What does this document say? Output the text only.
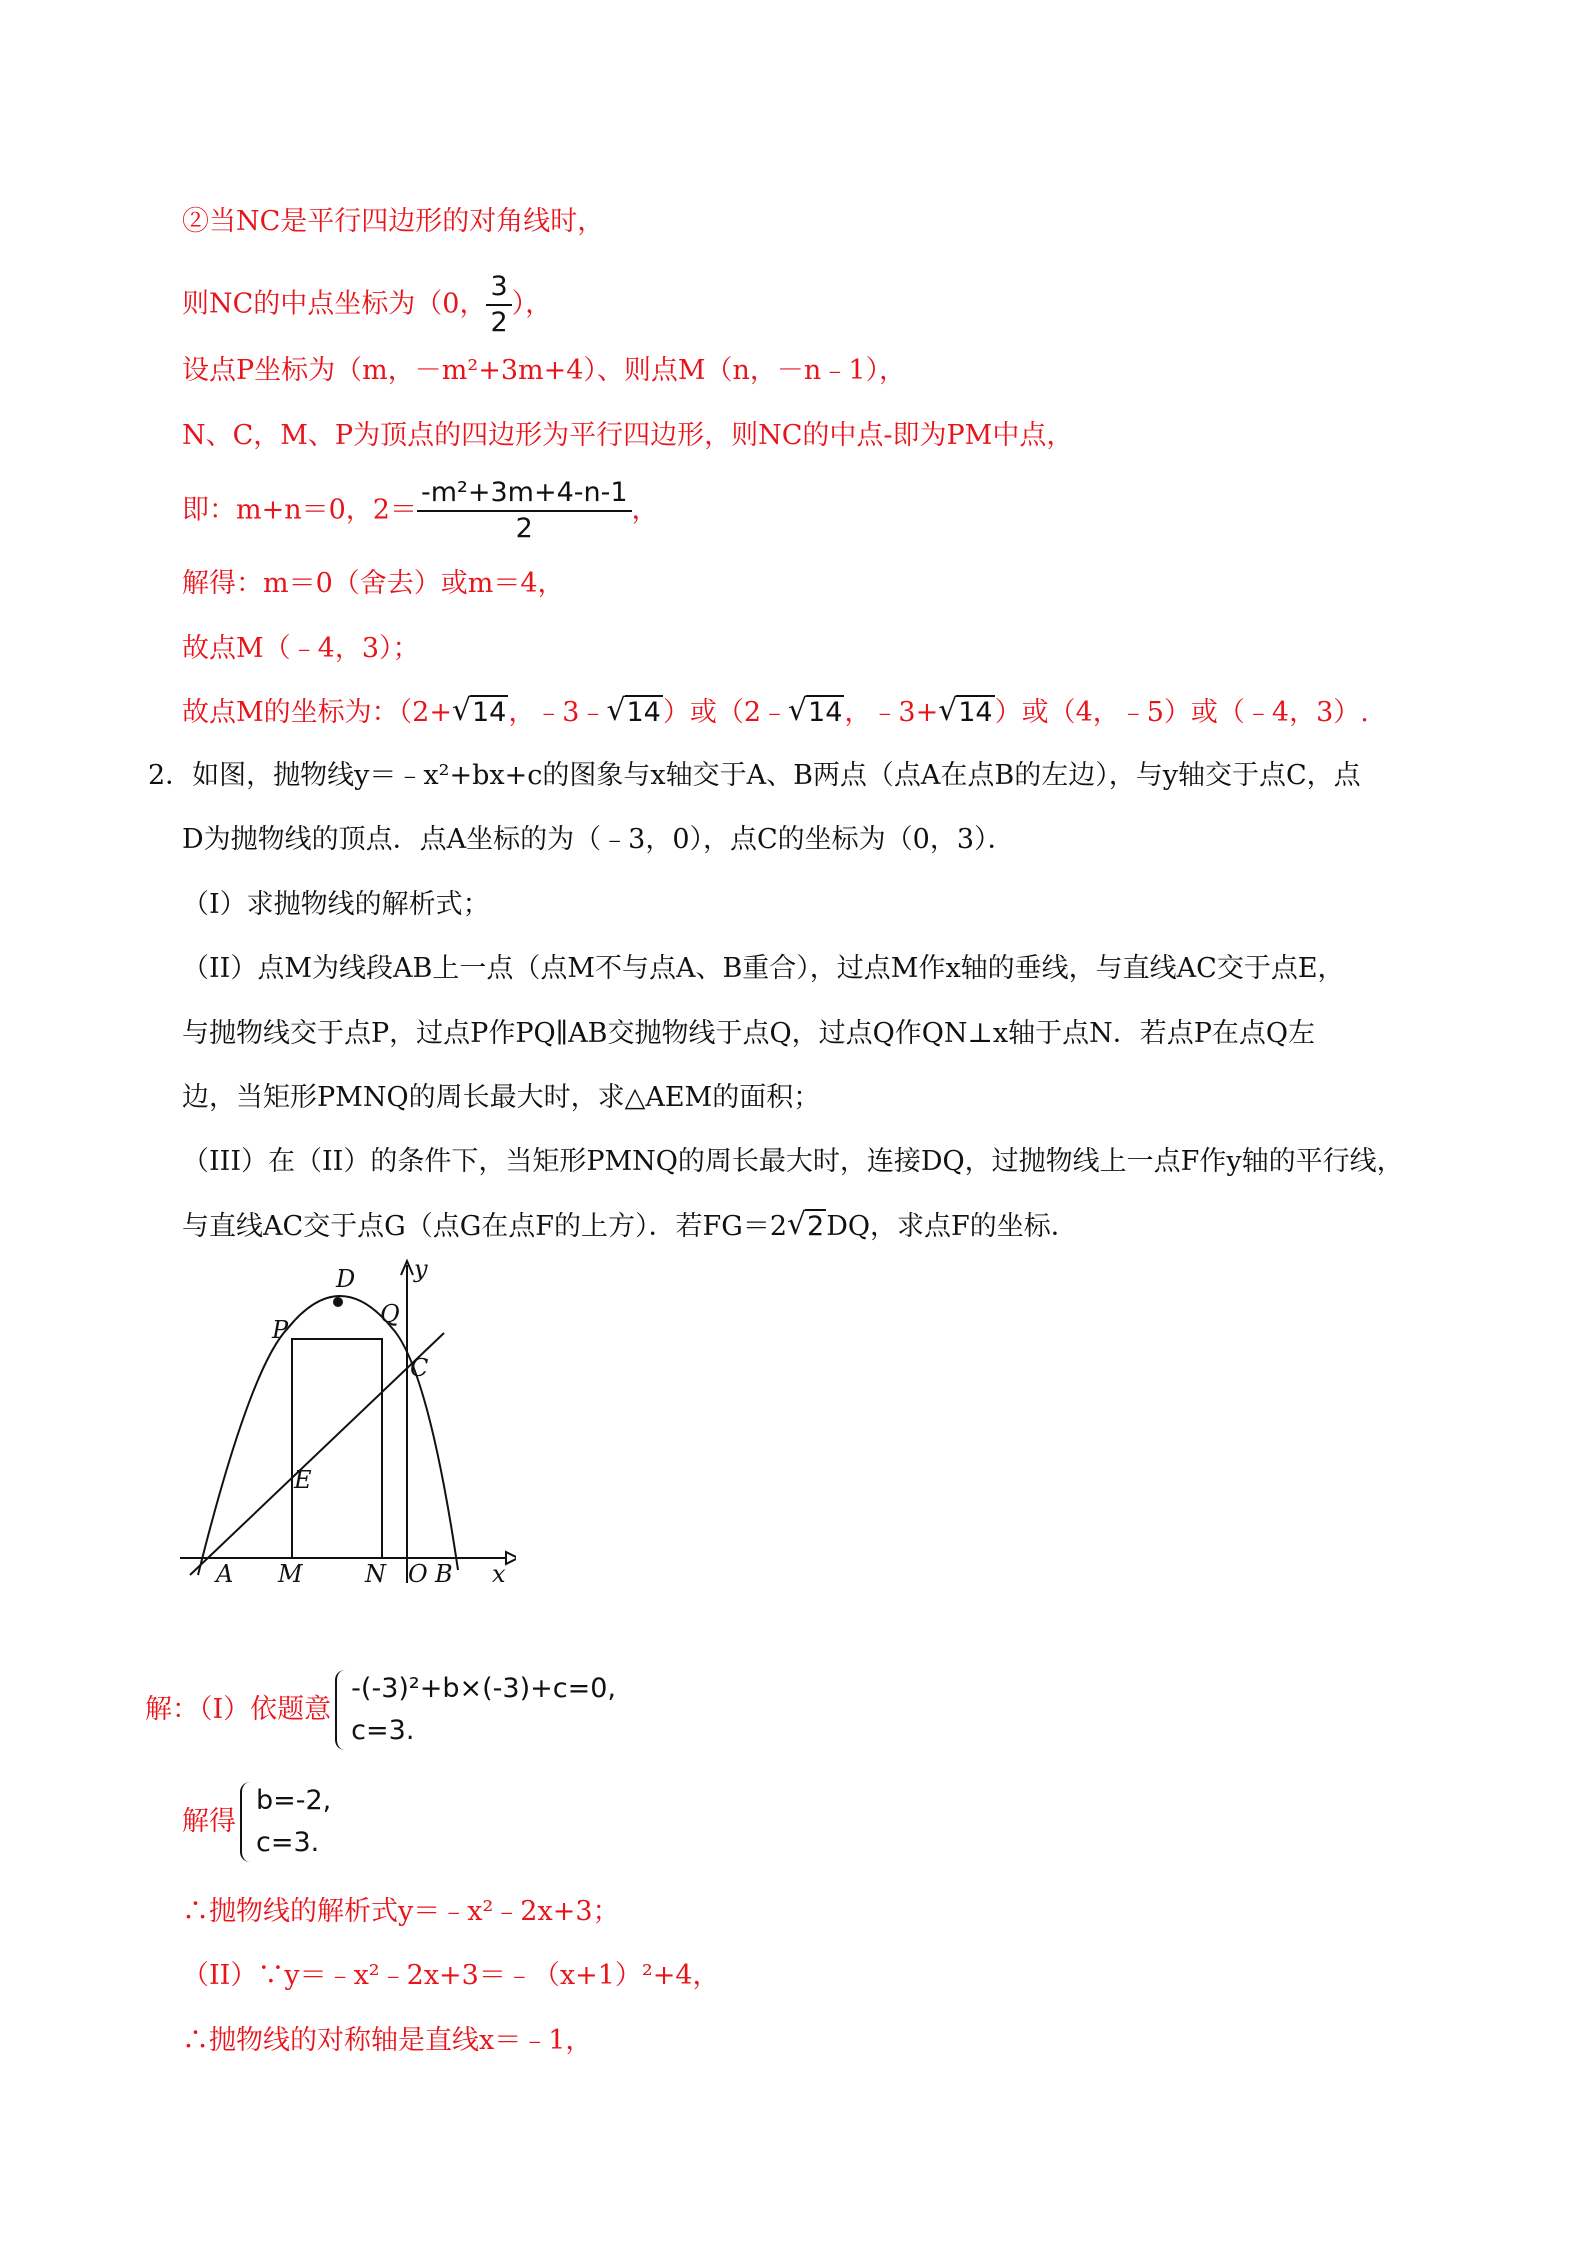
②当NC是平行四边形的对角线时，
则NC的中点坐标为（0， $\frac{3}{2}$ ），
设点P坐标为（m，－m²+3m+4）、则点M（n，－n﹣1），
N、C，M、P为顶点的四边形为平行四边形，则NC的中点-即为PM中点，
即：m+n＝0，$2= \frac{\text{-m²+3m+4-n-1}}{2}$ ，
解得：m＝0（舍去）或m＝4，
故点M（﹣4，3）；
故点M的坐标为：（2+ √ 14，﹣3﹣ √ 14）或（2﹣ √ 14，﹣3+ √ 14）或（4，﹣5）或（﹣4，3）.
2．如图，抛物线y＝﹣x²+bx+c的图象与x轴交于A、B两点（点A在点B的左边），与y轴交于点C，点
D为抛物线的顶点．点A坐标的为（﹣3，0），点C的坐标为（0，3）．
（I）求抛物线的解析式；
（II）点M为线段AB上一点（点M不与点A、B重合），过点M作x轴的垂线，与直线AC交于点E，
与抛物线交于点P，过点P作PQ∥AB交抛物线于点Q，过点Q作QN⊥x轴于点N．若点P在点Q左
边，当矩形PMNQ的周长最大时，求△AEM的面积；
（III）在（II）的条件下，当矩形PMNQ的周长最大时，连接DQ，过抛物线上一点F作y轴的平行线，
与直线AC交于点G（点G在点F的上方）．若FG＝2 √ 2DQ，求点F的坐标．
D y
P
Q
C
E
A M	N O B x
解：（I）依题意
-(-3)²+b×(-3)+c=0,
c=3.
解得
b=-2,
c=3.
∴抛物线的解析式y＝﹣x²﹣2x+3；
（II）∵y＝﹣x²﹣2x+3＝﹣（x+1）²+4，
∴抛物线的对称轴是直线x＝﹣1，
